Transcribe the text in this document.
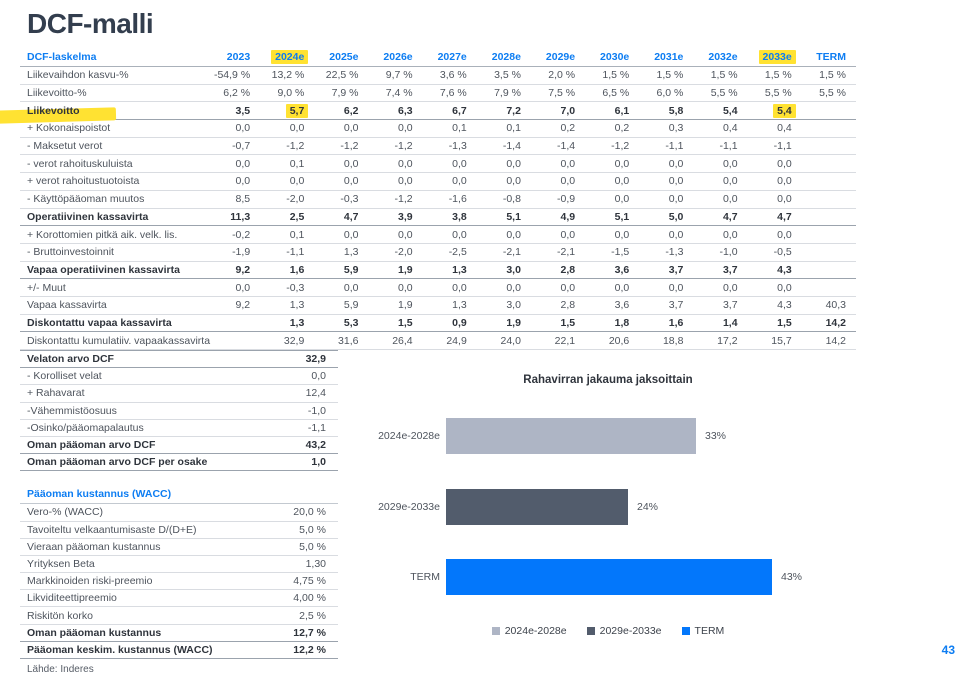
DCF-malli
DCF-laskelma	2023	2024e	2025e	2026e	2027e	2028e	2029e	2030e	2031e	2032e	2033e	TERM
Liikevaihdon kasvu-%	-54,9 %	13,2 %	22,5 %	9,7 %	3,6 %	3,5 %	2,0 %	1,5 %	1,5 %	1,5 %	1,5 %	1,5 %
Liikevoitto-%	6,2 %	9,0 %	7,9 %	7,4 %	7,6 %	7,9 %	7,5 %	6,5 %	6,0 %	5,5 %	5,5 %	5,5 %

Liikevoitto	3,5	5,7	6,2	6,3	6,7	7,2	7,0	6,1	5,8	5,4	5,4	
+ Kokonaispoistot	0,0	0,0	0,0	0,0	0,1	0,1	0,2	0,2	0,3	0,4	0,4	
- Maksetut verot	-0,7	-1,2	-1,2	-1,2	-1,3	-1,4	-1,4	-1,2	-1,1	-1,1	-1,1	
- verot rahoituskuluista	0,0	0,1	0,0	0,0	0,0	0,0	0,0	0,0	0,0	0,0	0,0	
+ verot rahoitustuotoista	0,0	0,0	0,0	0,0	0,0	0,0	0,0	0,0	0,0	0,0	0,0	
- Käyttöpääoman muutos	8,5	-2,0	-0,3	-1,2	-1,6	-0,8	-0,9	0,0	0,0	0,0	0,0	
Operatiivinen kassavirta	11,3	2,5	4,7	3,9	3,8	5,1	4,9	5,1	5,0	4,7	4,7	
+ Korottomien pitkä aik. velk. lis.	-0,2	0,1	0,0	0,0	0,0	0,0	0,0	0,0	0,0	0,0	0,0	
- Bruttoinvestoinnit	-1,9	-1,1	1,3	-2,0	-2,5	-2,1	-2,1	-1,5	-1,3	-1,0	-0,5	
Vapaa operatiivinen kassavirta	9,2	1,6	5,9	1,9	1,3	3,0	2,8	3,6	3,7	3,7	4,3	
+/- Muut	0,0	-0,3	0,0	0,0	0,0	0,0	0,0	0,0	0,0	0,0	0,0	
Vapaa kassavirta	9,2	1,3	5,9	1,9	1,3	3,0	2,8	3,6	3,7	3,7	4,3	40,3
Diskontattu vapaa kassavirta		1,3	5,3	1,5	0,9	1,9	1,5	1,8	1,6	1,4	1,5	14,2
Diskontattu kumulatiiv. vapaakassavirta		32,9	31,6	26,4	24,9	24,0	22,1	20,6	18,8	17,2	15,7	14,2
Velaton arvo DCF	32,9
- Korolliset velat	0,0
+ Rahavarat	12,4
-Vähemmistöosuus	-1,0
-Osinko/pääomapalautus	-1,1
Oman pääoman arvo DCF	43,2
Oman pääoman arvo DCF per osake	1,0
Pääoman kustannus (WACC)	
Vero-% (WACC)	20,0 %
Tavoiteltu velkaantumisaste D/(D+E)	5,0 %
Vieraan pääoman kustannus	5,0 %
Yrityksen Beta	1,30
Markkinoiden riski-preemio	4,75 %
Likviditeettipreemio	4,00 %
Riskitön korko	2,5 %
Oman pääoman kustannus	12,7 %
Pääoman keskim. kustannus (WACC)	12,2 %
Lähde: Inderes
Rahavirran jakauma jaksoittain
2024e-2028e	33%
2029e-2033e	24%
TERM	43%
2024e-2028e	2029e-2033e	TERM
43
